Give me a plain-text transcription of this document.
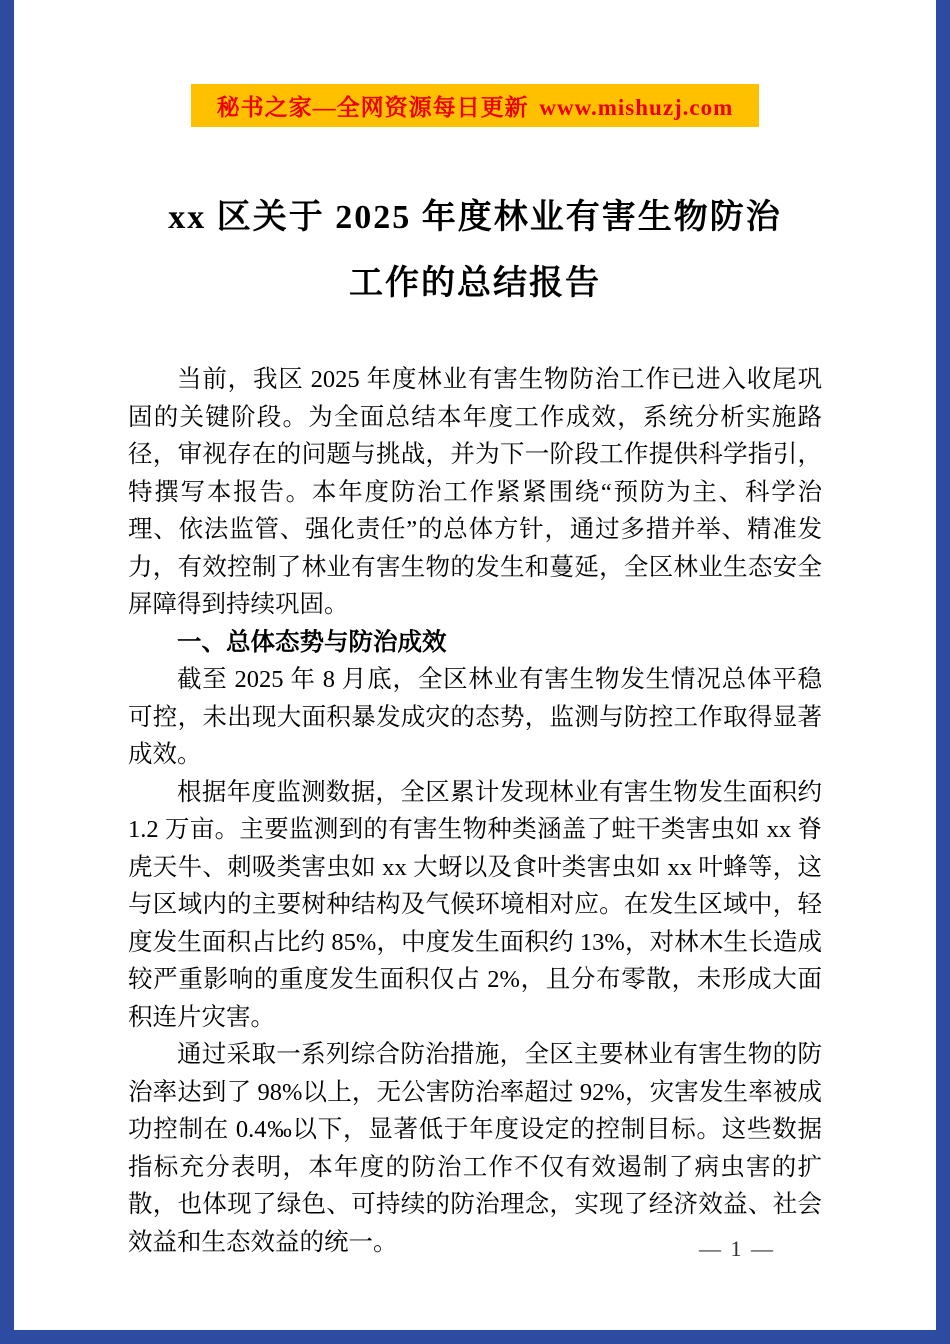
秘书之家—全网资源每日更新 www.mishuzj.com
xx 区关于 2025 年度林业有害生物防治
工作的总结报告

当前，我区 2025 年度林业有害生物防治工作已进入收尾巩固的关键阶段。为全面总结本年度工作成效，系统分析实施路径，审视存在的问题与挑战，并为下一阶段工作提供科学指引，特撰写本报告。本年度防治工作紧紧围绕“预防为主、科学治理、依法监管、强化责任”的总体方针，通过多措并举、精准发力，有效控制了林业有害生物的发生和蔓延，全区林业生态安全屏障得到持续巩固。

一、总体态势与防治成效

截至 2025 年 8 月底，全区林业有害生物发生情况总体平稳可控，未出现大面积暴发成灾的态势，监测与防控工作取得显著成效。

根据年度监测数据，全区累计发现林业有害生物发生面积约 1.2 万亩。主要监测到的有害生物种类涵盖了蛀干类害虫如 xx 脊虎天牛、刺吸类害虫如 xx 大蚜以及食叶类害虫如 xx 叶蜂等，这与区域内的主要树种结构及气候环境相对应。在发生区域中，轻度发生面积占比约 85%，中度发生面积约 13%，对林木生长造成较严重影响的重度发生面积仅占 2%，且分布零散，未形成大面积连片灾害。

通过采取一系列综合防治措施，全区主要林业有害生物的防治率达到了 98%以上，无公害防治率超过 92%，灾害发生率被成功控制在 0.4‰以下，显著低于年度设定的控制目标。这些数据指标充分表明，本年度的防治工作不仅有效遏制了病虫害的扩散，也体现了绿色、可持续的防治理念，实现了经济效益、社会效益和生态效益的统一。	— 1 —
